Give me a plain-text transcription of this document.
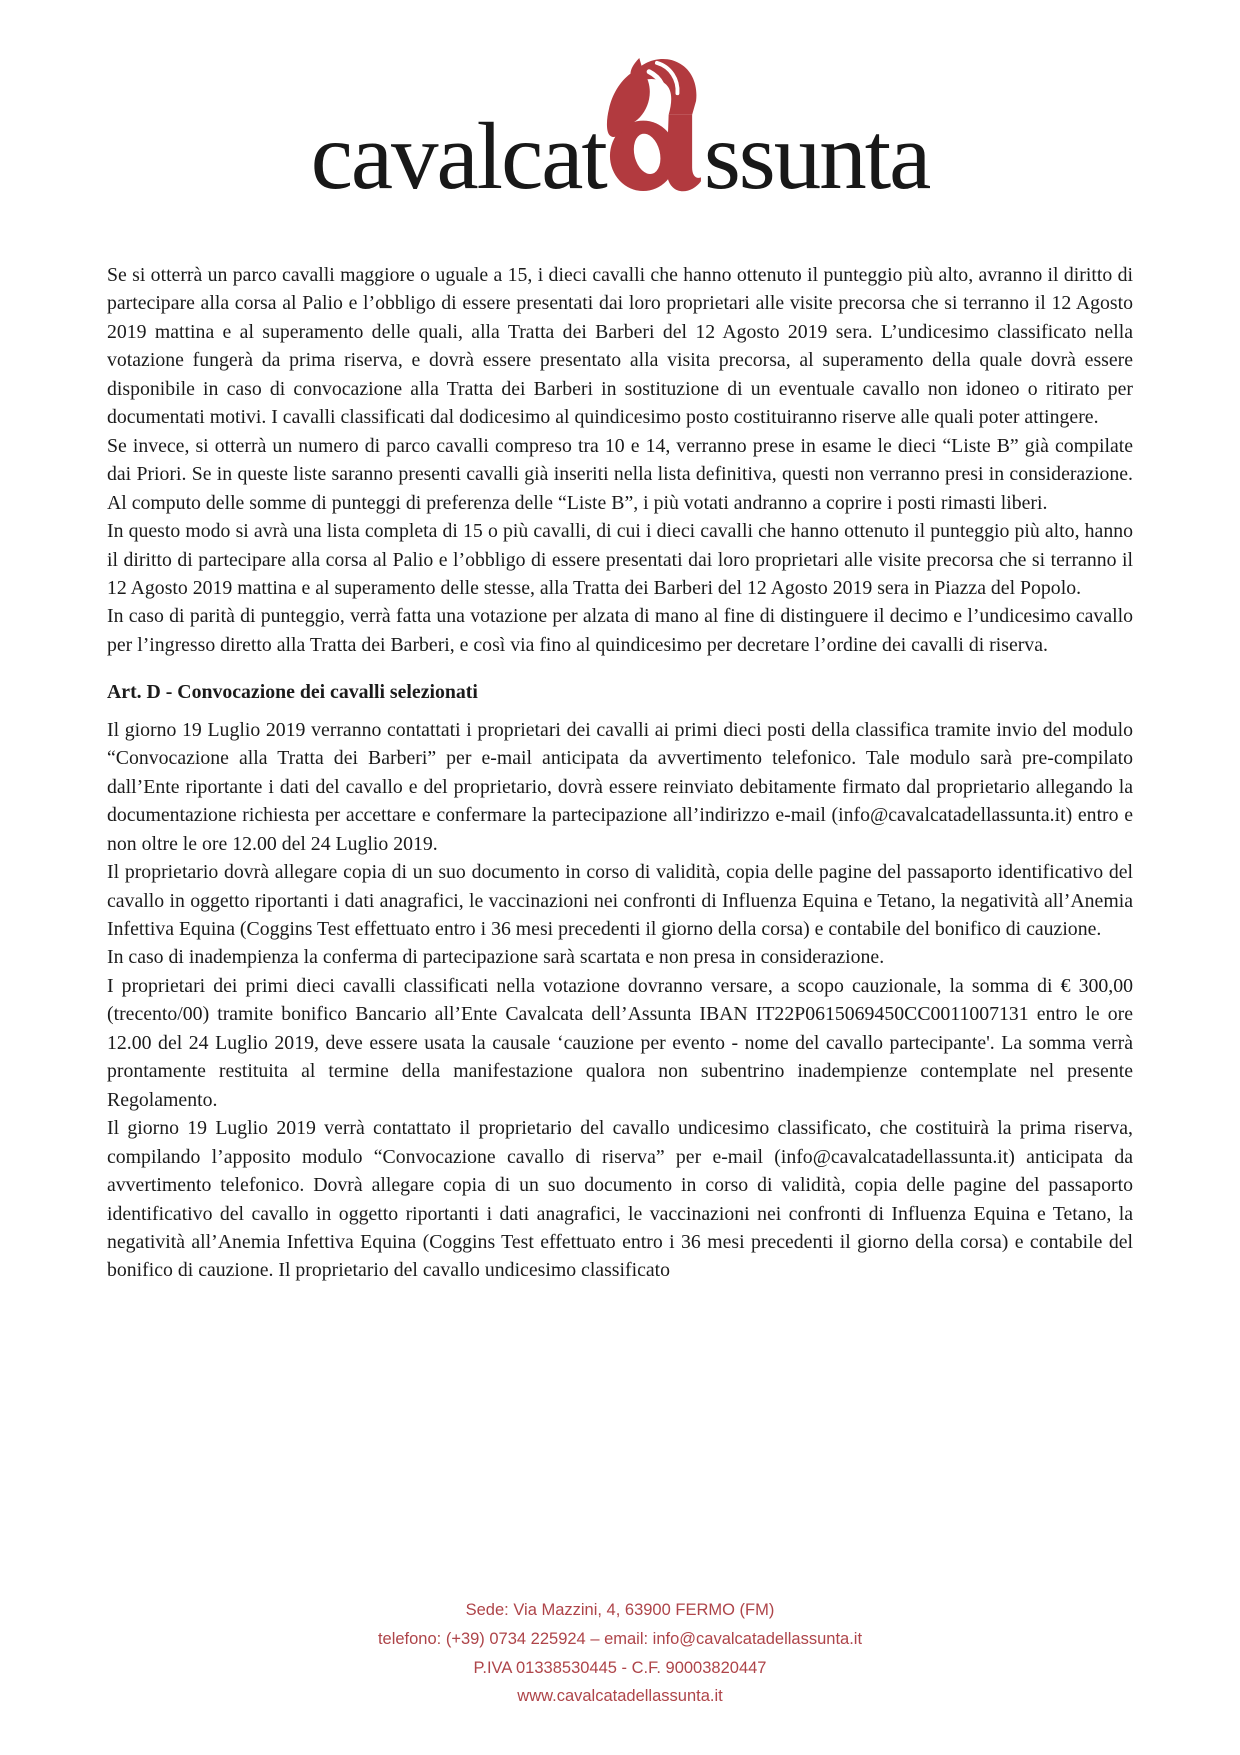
cavalcat ssunta

Se si otterrà un parco cavalli maggiore o uguale a 15, i dieci cavalli che hanno ottenuto il punteggio più alto, avranno il diritto di partecipare alla corsa al Palio e l’obbligo di essere presentati dai loro proprietari alle visite precorsa che si terranno il 12 Agosto 2019 mattina e al superamento delle quali, alla Tratta dei Barberi del 12 Agosto 2019 sera. L’undicesimo classificato nella votazione fungerà da prima riserva, e dovrà essere presentato alla visita precorsa, al superamento della quale dovrà essere disponibile in caso di convocazione alla Tratta dei Barberi in sostituzione di un eventuale cavallo non idoneo o ritirato per documentati motivi. I cavalli classificati dal dodicesimo al quindicesimo posto costituiranno riserve alle quali poter attingere.

Se invece, si otterrà un numero di parco cavalli compreso tra 10 e 14, verranno prese in esame le dieci “Liste B” già compilate dai Priori. Se in queste liste saranno presenti cavalli già inseriti nella lista definitiva, questi non verranno presi in considerazione. Al computo delle somme di punteggi di preferenza delle “Liste B”, i più votati andranno a coprire i posti rimasti liberi.

In questo modo si avrà una lista completa di 15 o più cavalli, di cui i dieci cavalli che hanno ottenuto il punteggio più alto, hanno il diritto di partecipare alla corsa al Palio e l’obbligo di essere presentati dai loro proprietari alle visite precorsa che si terranno il 12 Agosto 2019 mattina e al superamento delle stesse, alla Tratta dei Barberi del 12 Agosto 2019 sera in Piazza del Popolo.

In caso di parità di punteggio, verrà fatta una votazione per alzata di mano al fine di distinguere il decimo e l’undicesimo cavallo per l’ingresso diretto alla Tratta dei Barberi, e così via fino al quindicesimo per decretare l’ordine dei cavalli di riserva.

Art. D - Convocazione dei cavalli selezionati

Il giorno 19 Luglio 2019 verranno contattati i proprietari dei cavalli ai primi dieci posti della classifica tramite invio del modulo “Convocazione alla Tratta dei Barberi” per e-mail anticipata da avvertimento telefonico. Tale modulo sarà pre-compilato dall’Ente riportante i dati del cavallo e del proprietario, dovrà essere reinviato debitamente firmato dal proprietario allegando la documentazione richiesta per accettare e confermare la partecipazione all’indirizzo e-mail (info@cavalcatadellassunta.it) entro e non oltre le ore 12.00 del 24 Luglio 2019.

Il proprietario dovrà allegare copia di un suo documento in corso di validità, copia delle pagine del passaporto identificativo del cavallo in oggetto riportanti i dati anagrafici, le vaccinazioni nei confronti di Influenza Equina e Tetano, la negatività all’Anemia Infettiva Equina (Coggins Test effettuato entro i 36 mesi precedenti il giorno della corsa) e contabile del bonifico di cauzione.

In caso di inadempienza la conferma di partecipazione sarà scartata e non presa in considerazione.

I proprietari dei primi dieci cavalli classificati nella votazione dovranno versare, a scopo cauzionale, la somma di € 300,00 (trecento/00) tramite bonifico Bancario all’Ente Cavalcata dell’Assunta IBAN IT22P0615069450CC0011007131 entro le ore 12.00 del 24 Luglio 2019, deve essere usata la causale ‘cauzione per evento - nome del cavallo partecipante'. La somma verrà prontamente restituita al termine della manifestazione qualora non subentrino inadempienze contemplate nel presente Regolamento.

Il giorno 19 Luglio 2019 verrà contattato il proprietario del cavallo undicesimo classificato, che costituirà la prima riserva, compilando l’apposito modulo “Convocazione cavallo di riserva” per e-mail (info@cavalcatadellassunta.it) anticipata da avvertimento telefonico. Dovrà allegare copia di un suo documento in corso di validità, copia delle pagine del passaporto identificativo del cavallo in oggetto riportanti i dati anagrafici, le vaccinazioni nei confronti di Influenza Equina e Tetano, la negatività all’Anemia Infettiva Equina (Coggins Test effettuato entro i 36 mesi precedenti il giorno della corsa) e contabile del bonifico di cauzione. Il proprietario del cavallo undicesimo classificato

Sede: Via Mazzini, 4, 63900 FERMO (FM)
telefono: (+39) 0734 225924 – email: info@cavalcatadellassunta.it
P.IVA 01338530445 - C.F. 90003820447
www.cavalcatadellassunta.it
